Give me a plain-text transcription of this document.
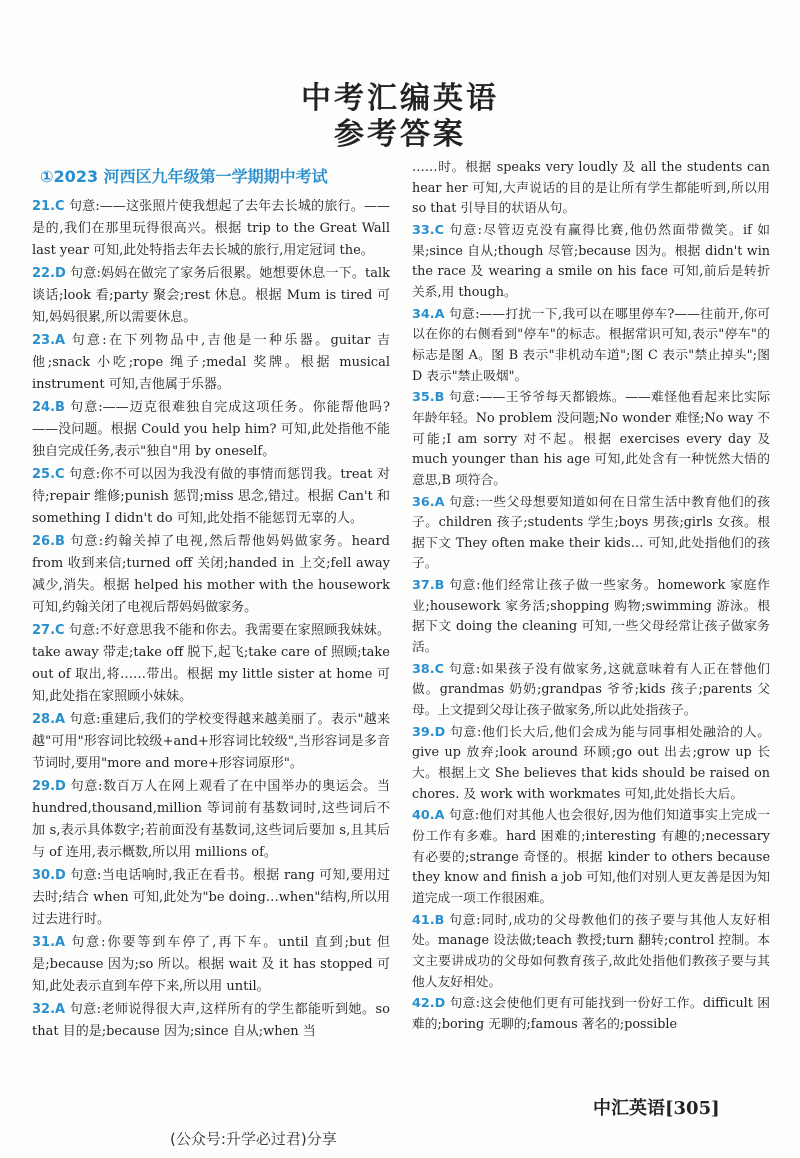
中考汇编英语
参考答案
①2023 河西区九年级第一学期期中考试
21.C 句意:——这张照片使我想起了去年去长城的旅行。——是的,我们在那里玩得很高兴。根据 trip to the Great Wall last year 可知,此处特指去年去长城的旅行,用定冠词 the。
22.D 句意:妈妈在做完了家务后很累。她想要休息一下。talk 谈话;look 看;party 聚会;rest 休息。根据 Mum is tired 可知,妈妈很累,所以需要休息。
23.A 句意:在下列物品中,吉他是一种乐器。guitar 吉他;snack 小吃;rope 绳子;medal 奖牌。根据 musical instrument 可知,吉他属于乐器。
24.B 句意:——迈克很难独自完成这项任务。你能帮他吗?——没问题。根据 Could you help him? 可知,此处指他不能独自完成任务,表示"独自"用 by oneself。
25.C 句意:你不可以因为我没有做的事情而惩罚我。treat 对待;repair 维修;punish 惩罚;miss 思念,错过。根据 Can't 和 something I didn't do 可知,此处指不能惩罚无辜的人。
26.B 句意:约翰关掉了电视,然后帮他妈妈做家务。heard from 收到来信;turned off 关闭;handed in 上交;fell away 减少,消失。根据 helped his mother with the housework 可知,约翰关闭了电视后帮妈妈做家务。
27.C 句意:不好意思我不能和你去。我需要在家照顾我妹妹。take away 带走;take off 脱下,起飞;take care of 照顾;take out of 取出,将……带出。根据 my little sister at home 可知,此处指在家照顾小妹妹。
28.A 句意:重建后,我们的学校变得越来越美丽了。表示"越来越"可用"形容词比较级+and+形容词比较级",当形容词是多音节词时,要用"more and more+形容词原形"。
29.D 句意:数百万人在网上观看了在中国举办的奥运会。当 hundred,thousand,million 等词前有基数词时,这些词后不加 s,表示具体数字;若前面没有基数词,这些词后要加 s,且其后与 of 连用,表示概数,所以用 millions of。
30.D 句意:当电话响时,我正在看书。根据 rang 可知,要用过去时;结合 when 可知,此处为"be doing…when"结构,所以用过去进行时。
31.A 句意:你要等到车停了,再下车。until 直到;but 但是;because 因为;so 所以。根据 wait 及 it has stopped 可知,此处表示直到车停下来,所以用 until。
32.A 句意:老师说得很大声,这样所有的学生都能听到她。so that 目的是;because 因为;since 自从;when 当
……时。根据 speaks very loudly 及 all the students can hear her 可知,大声说话的目的是让所有学生都能听到,所以用 so that 引导目的状语从句。
33.C 句意:尽管迈克没有赢得比赛,他仍然面带微笑。if 如果;since 自从;though 尽管;because 因为。根据 didn't win the race 及 wearing a smile on his face 可知,前后是转折关系,用 though。
34.A 句意:——打扰一下,我可以在哪里停车?——往前开,你可以在你的右侧看到"停车"的标志。根据常识可知,表示"停车"的标志是图 A。图 B 表示"非机动车道";图 C 表示"禁止掉头";图 D 表示"禁止吸烟"。
35.B 句意:——王爷爷每天都锻炼。——难怪他看起来比实际年龄年轻。No problem 没问题;No wonder 难怪;No way 不可能;I am sorry 对不起。根据 exercises every day 及 much younger than his age 可知,此处含有一种恍然大悟的意思,B 项符合。
36.A 句意:一些父母想要知道如何在日常生活中教育他们的孩子。children 孩子;students 学生;boys 男孩;girls 女孩。根据下文 They often make their kids… 可知,此处指他们的孩子。
37.B 句意:他们经常让孩子做一些家务。homework 家庭作业;housework 家务活;shopping 购物;swimming 游泳。根据下文 doing the cleaning 可知,一些父母经常让孩子做家务活。
38.C 句意:如果孩子没有做家务,这就意味着有人正在替他们做。grandmas 奶奶;grandpas 爷爷;kids 孩子;parents 父母。上文提到父母让孩子做家务,所以此处指孩子。
39.D 句意:他们长大后,他们会成为能与同事相处融洽的人。give up 放弃;look around 环顾;go out 出去;grow up 长大。根据上文 She believes that kids should be raised on chores. 及 work with workmates 可知,此处指长大后。
40.A 句意:他们对其他人也会很好,因为他们知道事实上完成一份工作有多难。hard 困难的;interesting 有趣的;necessary 有必要的;strange 奇怪的。根据 kinder to others because they know and finish a job 可知,他们对别人更友善是因为知道完成一项工作很困难。
41.B 句意:同时,成功的父母教他们的孩子要与其他人友好相处。manage 设法做;teach 教授;turn 翻转;control 控制。本文主要讲成功的父母如何教育孩子,故此处指他们教孩子要与其他人友好相处。
42.D 句意:这会使他们更有可能找到一份好工作。difficult 困难的;boring 无聊的;famous 著名的;possible
中汇英语[305]
(公众号:升学必过君)分享
